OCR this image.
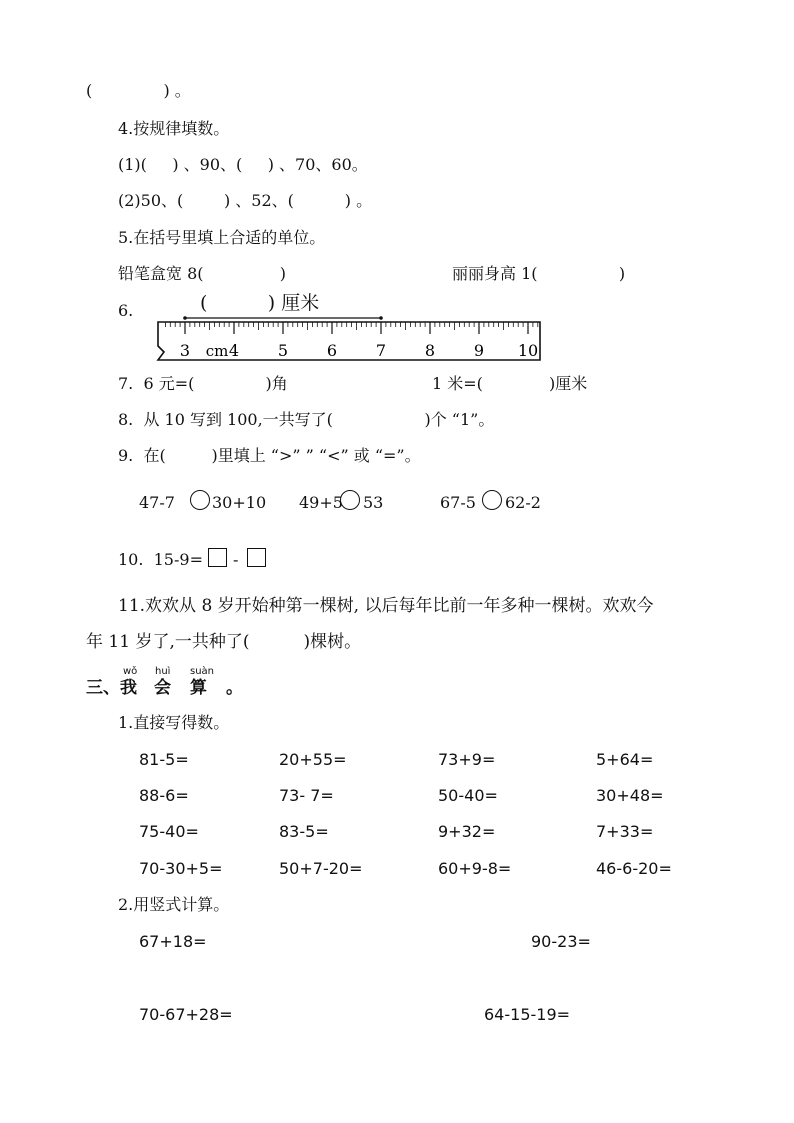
(              ) 。
4.按规律填数。
(1)(     ) 、90、(     ) 、70、60。
(2)50、(        ) 、52、(          ) 。
5.在括号里填上合适的单位。
铅笔盒宽 8(               )	丽丽身高 1(                )
6.	(          ) 厘米
3 4 5 6 7 8 9 10
cm
7.  6 元=(              )角	1 米=(             )厘米
8.  从 10 写到 100,一共写了(                  )个 “1”。
9.  在(         )里填上 “>” ” “<” 或 “=”。
47-7 30+10 49+5 53	67-5 62-2
10.  15-9= -
11.欢欢从 8 岁开始种第一棵树, 以后每年比前一年多种一棵树。欢欢今
年 11 岁了,一共种了(          )棵树。
wǒ huì suàn
三、 我 会 算 。
1.直接写得数。
81-5=	20+55=	73+9=	5+64=
88-6=	73- 7=	50-40=	30+48=
75-40=	83-5=	9+32=	7+33=
70-30+5=	50+7-20=	60+9-8=	46-6-20=
2.用竖式计算。
67+18=	90-23=
70-67+28=	64-15-19=
